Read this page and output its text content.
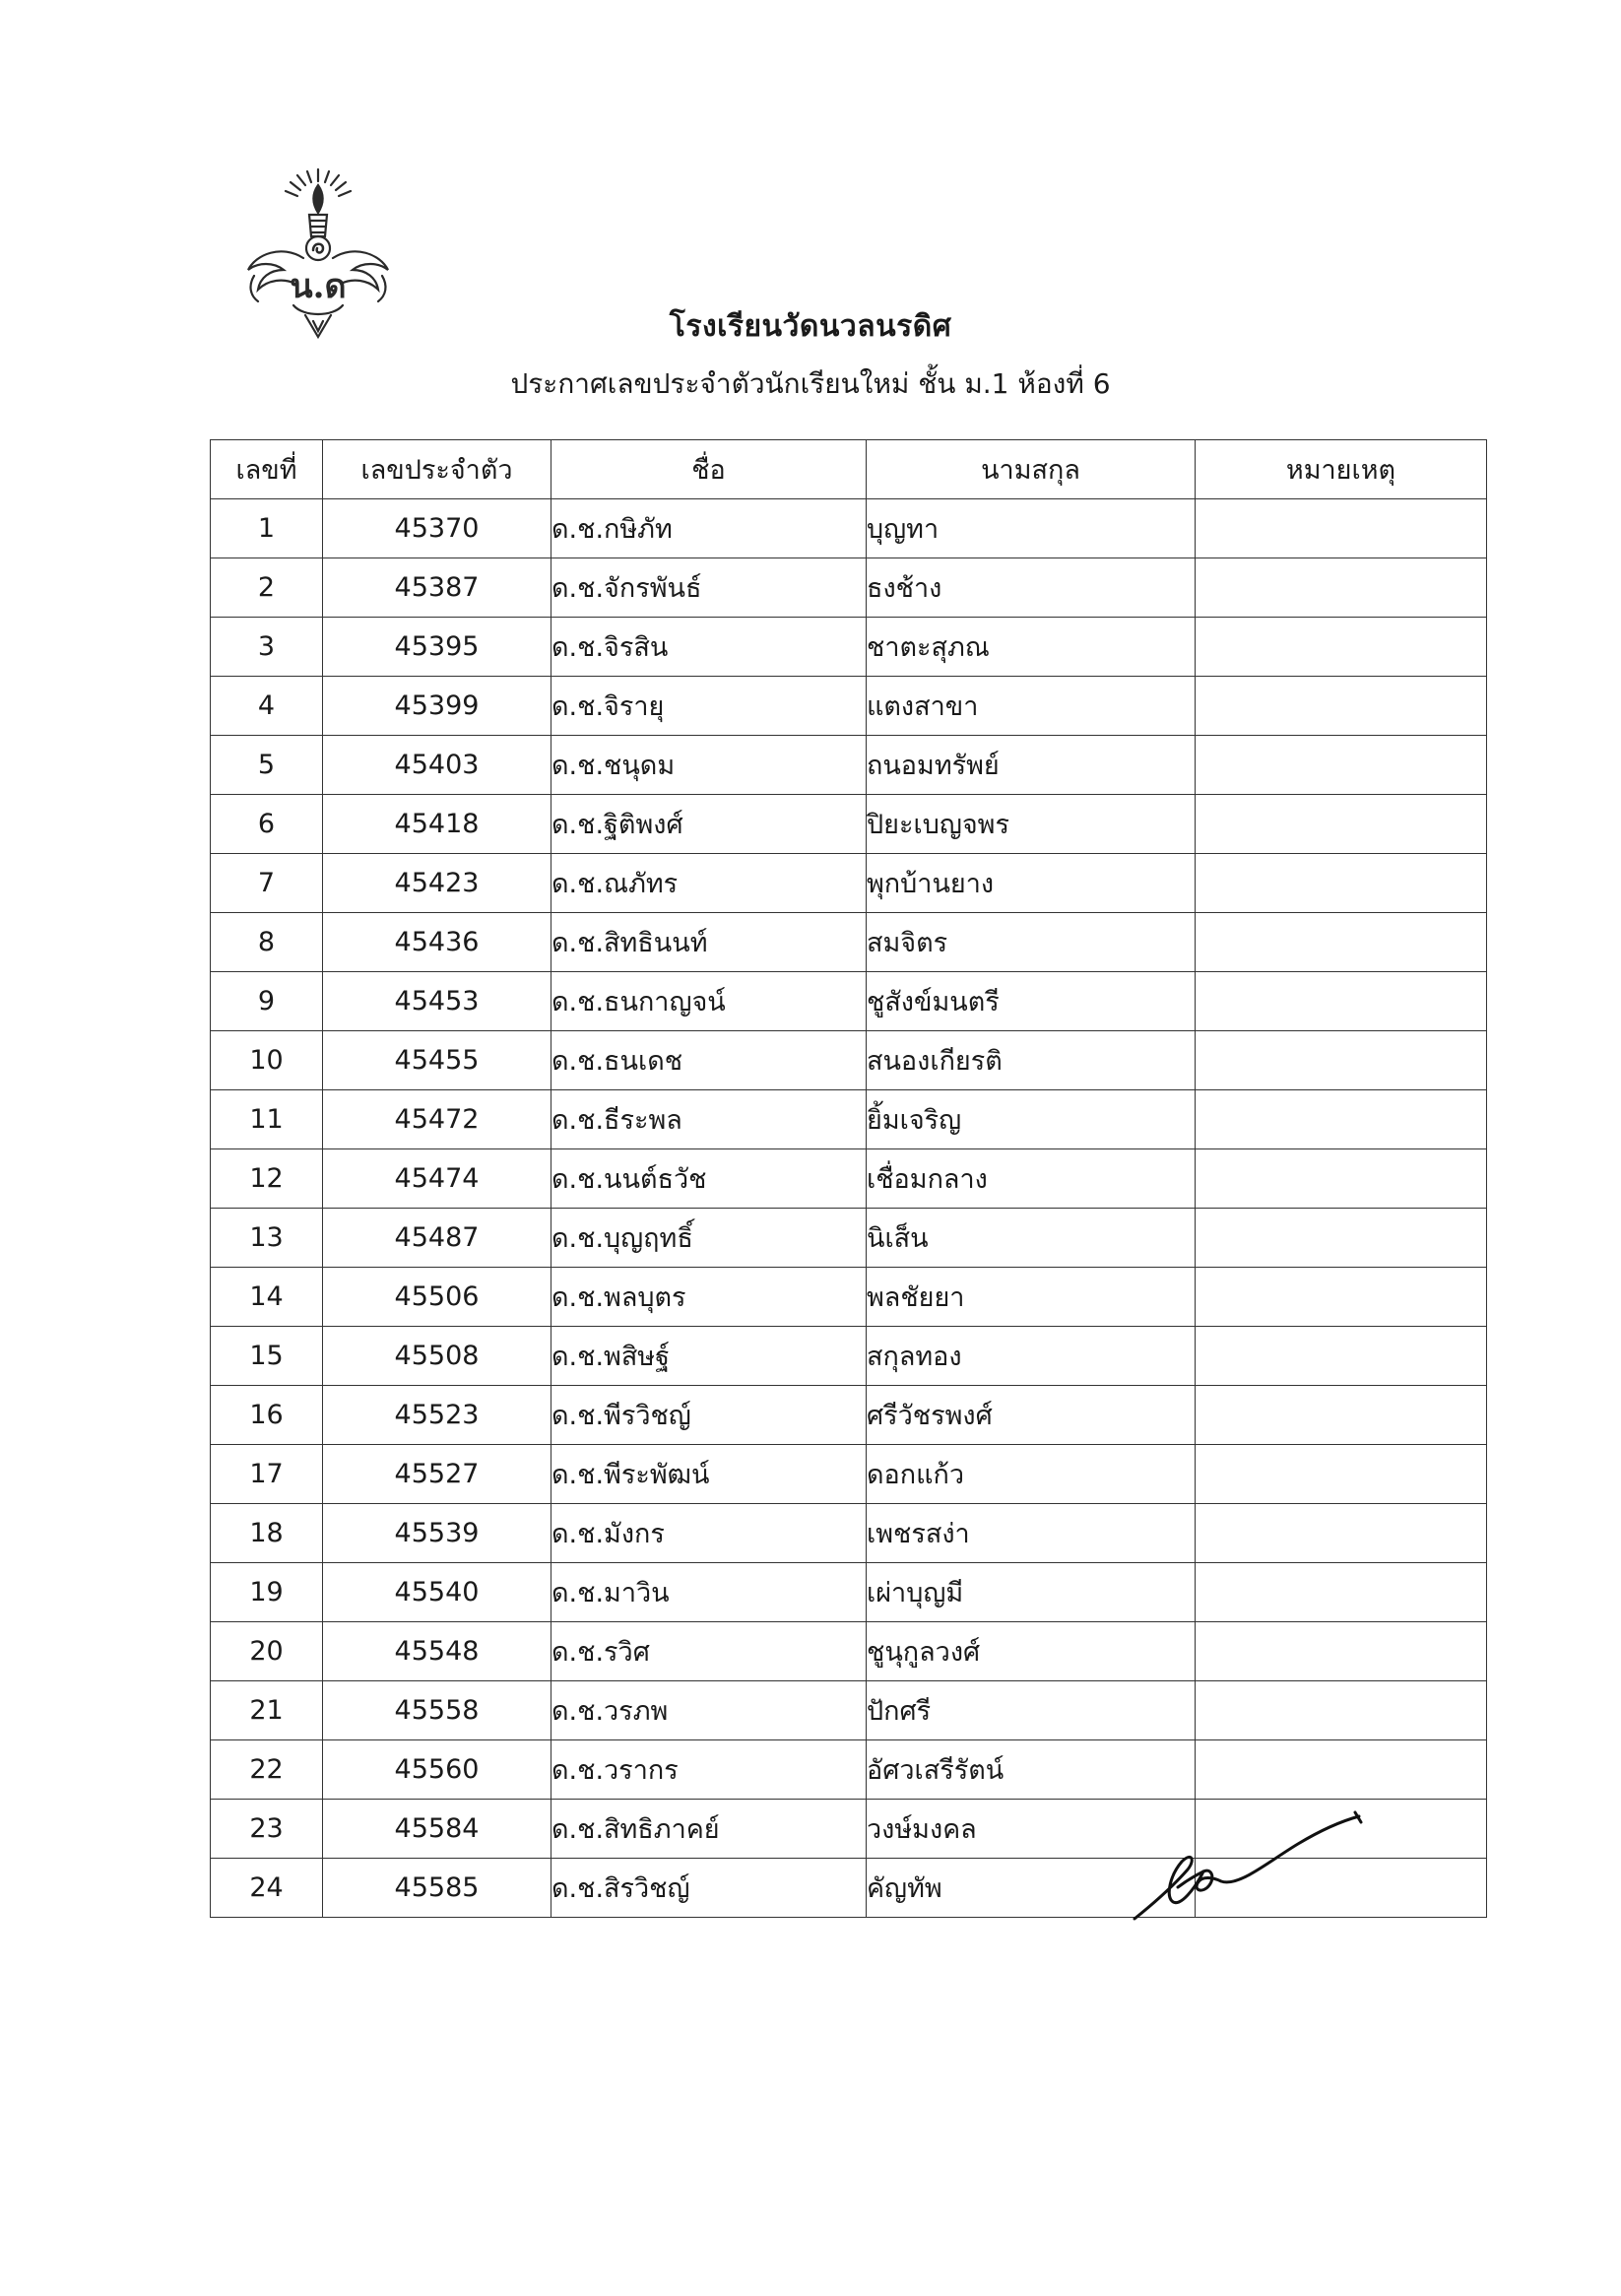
น.ด
โรงเรียนวัดนวลนรดิศ
ประกาศเลขประจำตัวนักเรียนใหม่ ชั้น ม.1 ห้องที่ 6
เลขที่	เลขประจำตัว	ชื่อ	นามสกุล	หมายเหตุ
1	45370	ด.ช.กษิภัท	บุญทา	
2	45387	ด.ช.จักรพันธ์	ธงช้าง	
3	45395	ด.ช.จิรสิน	ชาตะสุภณ	
4	45399	ด.ช.จิรายุ	แตงสาขา	
5	45403	ด.ช.ชนุดม	ถนอมทรัพย์	
6	45418	ด.ช.ฐิติพงศ์	ปิยะเบญจพร	
7	45423	ด.ช.ณภัทร	พุกบ้านยาง	
8	45436	ด.ช.สิทธินนท์	สมจิตร	
9	45453	ด.ช.ธนกาญจน์	ชูสังข์มนตรี	
10	45455	ด.ช.ธนเดช	สนองเกียรติ	
11	45472	ด.ช.ธีระพล	ยิ้มเจริญ	
12	45474	ด.ช.นนต์ธวัช	เชื่อมกลาง	
13	45487	ด.ช.บุญฤทธิ์	นิเส็น	
14	45506	ด.ช.พลบุตร	พลชัยยา	
15	45508	ด.ช.พสิษฐ์	สกุลทอง	
16	45523	ด.ช.พีรวิชญ์	ศรีวัชรพงศ์	
17	45527	ด.ช.พีระพัฒน์	ดอกแก้ว	
18	45539	ด.ช.มังกร	เพชรสง่า	
19	45540	ด.ช.มาวิน	เผ่าบุญมี	
20	45548	ด.ช.รวิศ	ชูนุกูลวงศ์	
21	45558	ด.ช.วรภพ	ปักศรี	
22	45560	ด.ช.วรากร	อัศวเสรีรัตน์	
23	45584	ด.ช.สิทธิภาคย์	วงษ์มงคล	
24	45585	ด.ช.สิรวิชญ์	คัญทัพ	
